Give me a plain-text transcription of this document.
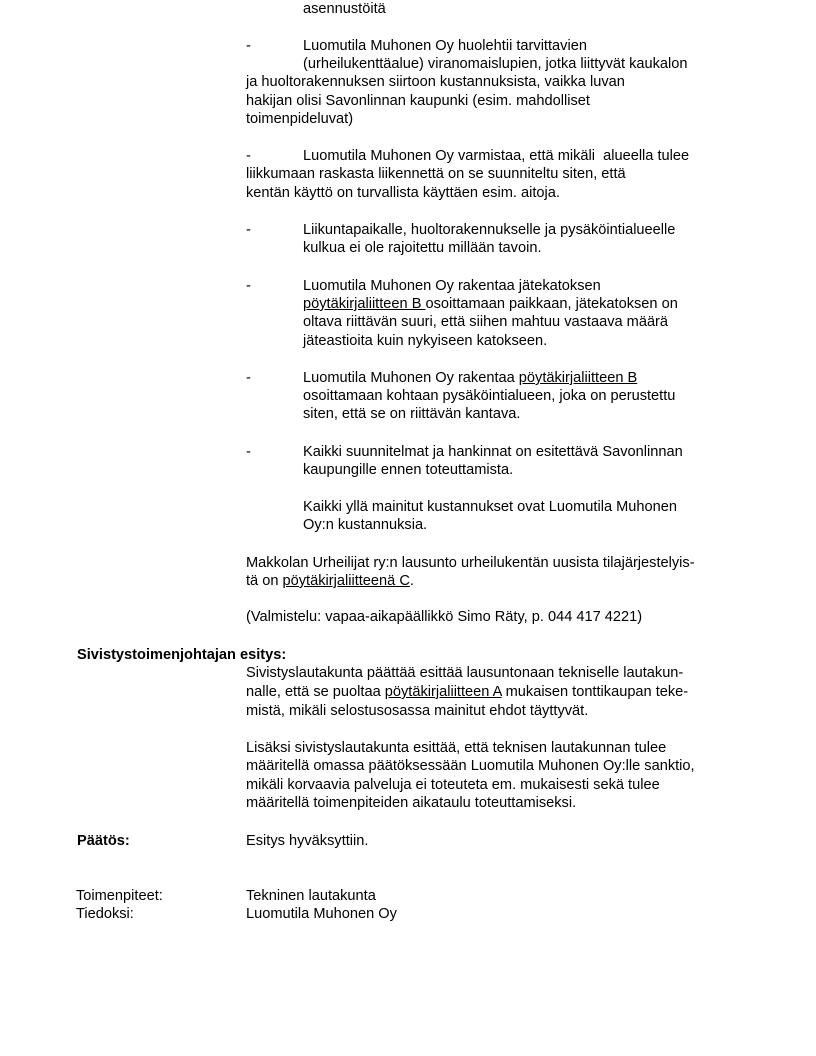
asennustöitä
-	Luomutila Muhonen Oy huolehtii tarvittavien
(urheilukenttäalue) viranomaislupien, jotka liittyvät kaukalon
ja huoltorakennuksen siirtoon kustannuksista, vaikka luvan
hakijan olisi Savonlinnan kaupunki (esim. mahdolliset
toimenpideluvat)
-	Luomutila Muhonen Oy varmistaa, että mikäli  alueella tulee
liikkumaan raskasta liikennettä on se suunniteltu siten, että
kentän käyttö on turvallista käyttäen esim. aitoja.
-	Liikuntapaikalle, huoltorakennukselle ja pysäköintialueelle
kulkua ei ole rajoitettu millään tavoin.
-	Luomutila Muhonen Oy rakentaa jätekatoksen
pöytäkirjaliitteen B osoittamaan paikkaan, jätekatoksen on
oltava riittävän suuri, että siihen mahtuu vastaava määrä
jäteastioita kuin nykyiseen katokseen.
-	Luomutila Muhonen Oy rakentaa pöytäkirjaliitteen B
osoittamaan kohtaan pysäköintialueen, joka on perustettu
siten, että se on riittävän kantava.
-	Kaikki suunnitelmat ja hankinnat on esitettävä Savonlinnan
kaupungille ennen toteuttamista.
Kaikki yllä mainitut kustannukset ovat Luomutila Muhonen
Oy:n kustannuksia.
Makkolan Urheilijat ry:n lausunto urheilukentän uusista tilajärjestelyis-
tä on pöytäkirjaliitteenä C.
(Valmistelu: vapaa-aikapäällikkö Simo Räty, p. 044 417 4221)
Sivistystoimenjohtajan esitys:
Sivistyslautakunta päättää esittää lausuntonaan tekniselle lautakun-
nalle, että se puoltaa pöytäkirjaliitteen A mukaisen tonttikaupan teke-
mistä, mikäli selostusosassa mainitut ehdot täyttyvät.
Lisäksi sivistyslautakunta esittää, että teknisen lautakunnan tulee
määritellä omassa päätöksessään Luomutila Muhonen Oy:lle sanktio,
mikäli korvaavia palveluja ei toteuteta em. mukaisesti sekä tulee
määritellä toimenpiteiden aikataulu toteuttamiseksi.
Päätös:	Esitys hyväksyttiin.
Toimenpiteet:	Tekninen lautakunta
Tiedoksi:	Luomutila Muhonen Oy
